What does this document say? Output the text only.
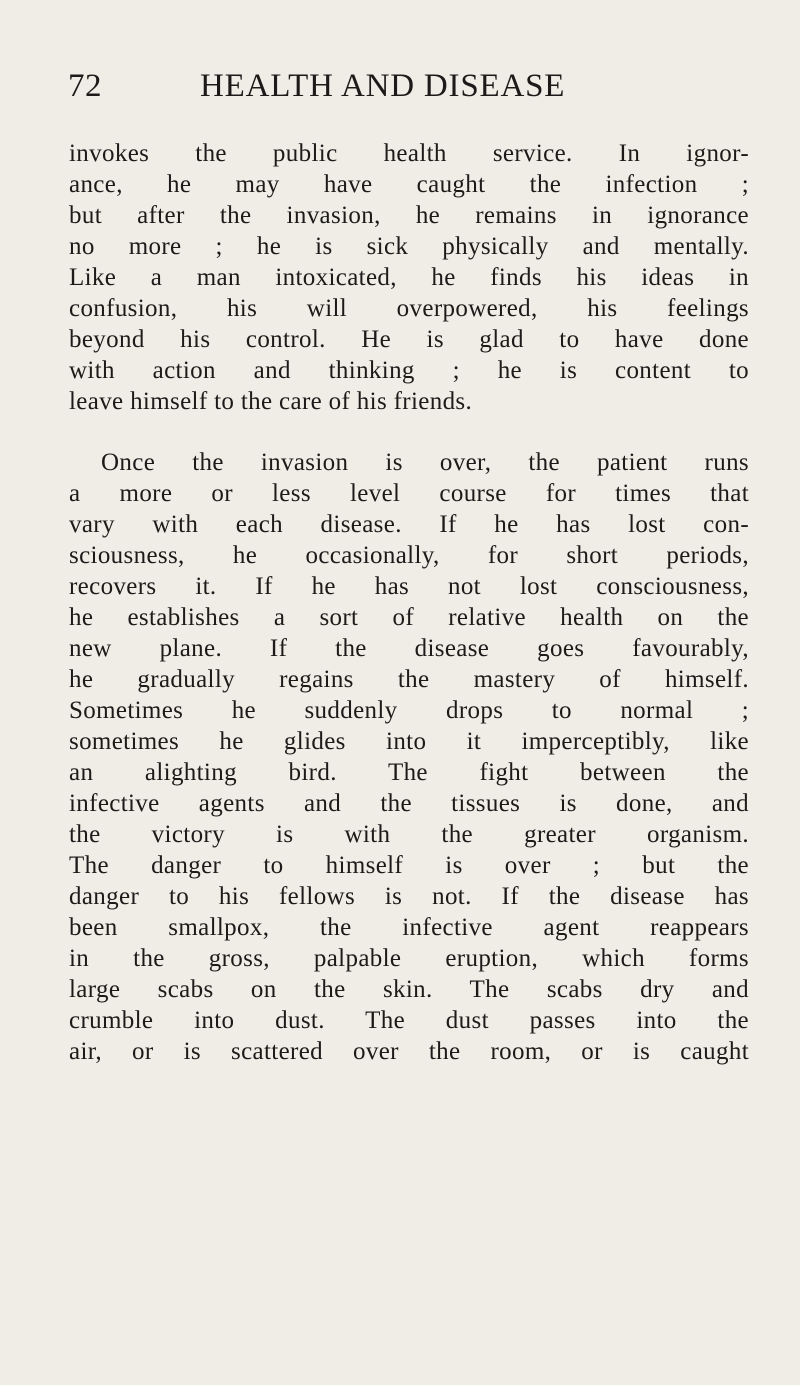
72	HEALTH AND DISEASE
invokes the public health service. In ignor-
ance, he may have caught the infection ;
but after the invasion, he remains in ignorance
no more ; he is sick physically and mentally.
Like a man intoxicated, he finds his ideas in
confusion, his will overpowered, his feelings
beyond his control. He is glad to have done
with action and thinking ; he is content to
leave himself to the care of his friends.
Once the invasion is over, the patient runs
a more or less level course for times that
vary with each disease. If he has lost con-
sciousness, he occasionally, for short periods,
recovers it. If he has not lost consciousness,
he establishes a sort of relative health on the
new plane. If the disease goes favourably,
he gradually regains the mastery of himself.
Sometimes he suddenly drops to normal ;
sometimes he glides into it imperceptibly, like
an alighting bird. The fight between the
infective agents and the tissues is done, and
the victory is with the greater organism.
The danger to himself is over ; but the
danger to his fellows is not. If the disease has
been smallpox, the infective agent reappears
in the gross, palpable eruption, which forms
large scabs on the skin. The scabs dry and
crumble into dust. The dust passes into the
air, or is scattered over the room, or is caught
